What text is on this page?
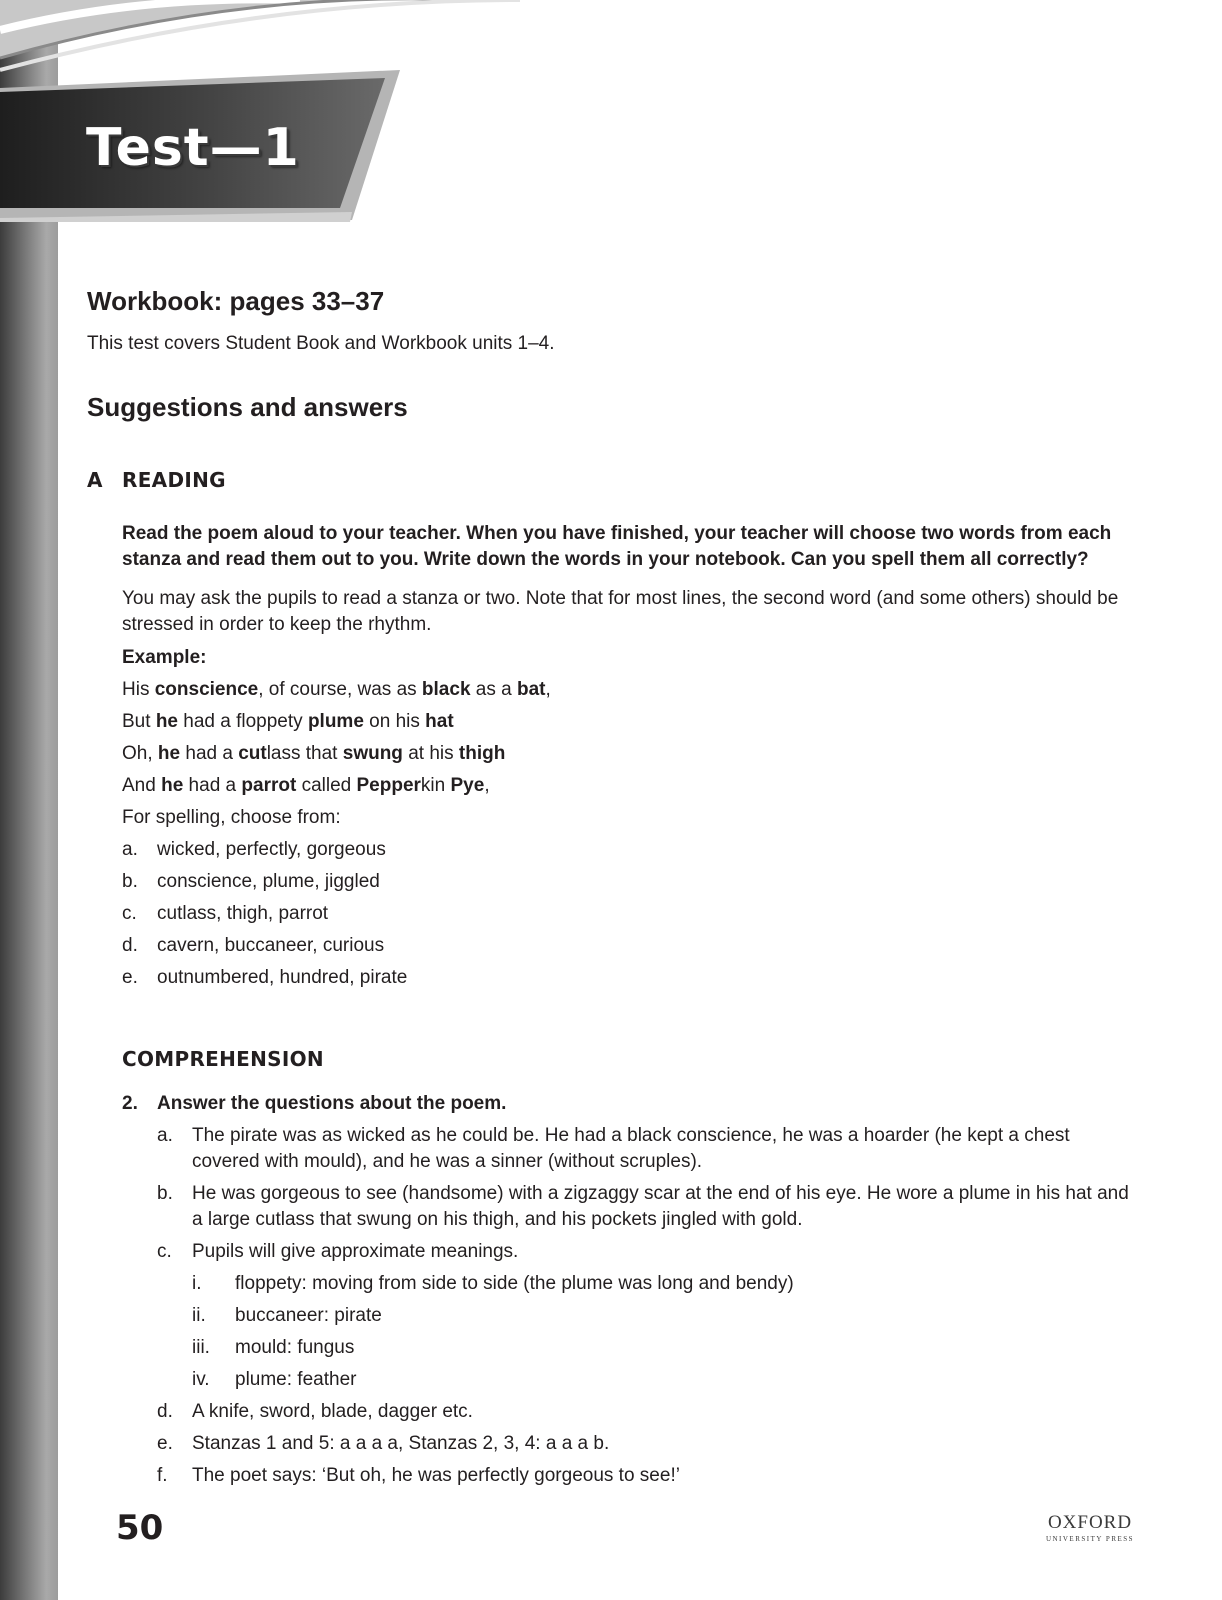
Test—1
Workbook: pages 33–37

This test covers Student Book and Workbook units 1–4.

Suggestions and answers
A READING

Read the poem aloud to your teacher. When you have finished, your teacher will choose two words from each stanza and read them out to you. Write down the words in your notebook. Can you spell them all correctly?

You may ask the pupils to read a stanza or two. Note that for most lines, the second word (and some others) should be stressed in order to keep the rhythm.

Example:

His conscience, of course, was as black as a bat,
But he had a floppety plume on his hat
Oh, he had a cutlass that swung at his thigh
And he had a parrot called Pepperkin Pye,
For spelling, choose from:
a. wicked, perfectly, gorgeous
b. conscience, plume, jiggled
c. cutlass, thigh, parrot
d. cavern, buccaneer, curious
e. outnumbered, hundred, pirate
COMPREHENSION
2. Answer the questions about the poem.
a. The pirate was as wicked as he could be. He had a black conscience, he was a hoarder (he kept a chest covered with mould), and he was a sinner (without scruples).
b. He was gorgeous to see (handsome) with a zigzaggy scar at the end of his eye. He wore a plume in his hat and a large cutlass that swung on his thigh, and his pockets jingled with gold.
c. Pupils will give approximate meanings.
i. floppety: moving from side to side (the plume was long and bendy)
ii. buccaneer: pirate
iii. mould: fungus
iv. plume: feather
d. A knife, sword, blade, dagger etc.
e. Stanzas 1 and 5: a a a a, Stanzas 2, 3, 4: a a a b.
f. The poet says: ‘But oh, he was perfectly gorgeous to see!’
50	OXFORD
UNIVERSITY PRESS
